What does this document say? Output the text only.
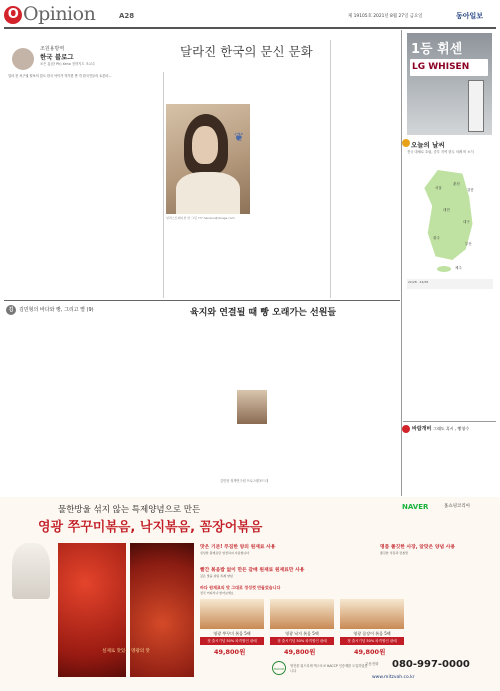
O Opinion	A28	제 19105호 2021년 8월 27일 금요일	동아일보
달라진 한국의 문신 문화
조원용방역
한국 블로그
조은 홍(한 Ph) Xeno 전략지도 조교수

얼마 전 서구권 털보의 압도 한국 아이가 작가한 반 각 한국인들의 토론마...

❦
일러스트레이션 한 그림 ??? hananu@donga.com
1등 휘센
LG WHISEN
오늘의 날씨
전국 대체로 흐림, 중부 지역 한두 차례 비 소식
서울
춘천
강릉
대전
대구
광주
부산
제주
22/28 · 24/28
김	김민형의 바다와 빵, 그리고 별 (9)	육지와 연결될 때 빵 오래가는 선원들
김민형 정책연구원 프로스탠포드대
바람개비 그래도 혹시 , 빵청수
물한방울 섞지 않는 특제양념으로 만든
영광 쭈꾸미볶음, 낙지볶음, 꼼장어볶음
NAVER	홈쇼핑코리아
실제로 맛있는 영광의 맛
맛은 기본! 푸짐한 양의 원재료 사용
싱싱한 원재료만 엄선하여 사용합니다
빨간 볶음밥 없이 만든 갈매 원재료 원재료만 사용
깊은 맛을 살린 특제 양념
명품 쫄깃한 사장, 알맞은 양념 사용
쫄깃한 식감과 감칠맛
바다 원재료의 맛 그대로 정성껏 만들었습니다
전국 어디서나 받아보세요
영광 쭈꾸미 볶음 5팩	영광 낙지 볶음 5팩	영광 꼼장어 볶음 5팩
첫 출시기념 50% 파격할인 판매	첫 출시기념 50% 파격할인 판매	첫 출시기념 50% 파격할인 판매
49,800원	49,800원	49,800원
HACCP
영전을 위드리세 엑스포코 HACCP 인증제를 도입하였습니다
주문전화 080-997-0000
www.mitzvah.co.kr
